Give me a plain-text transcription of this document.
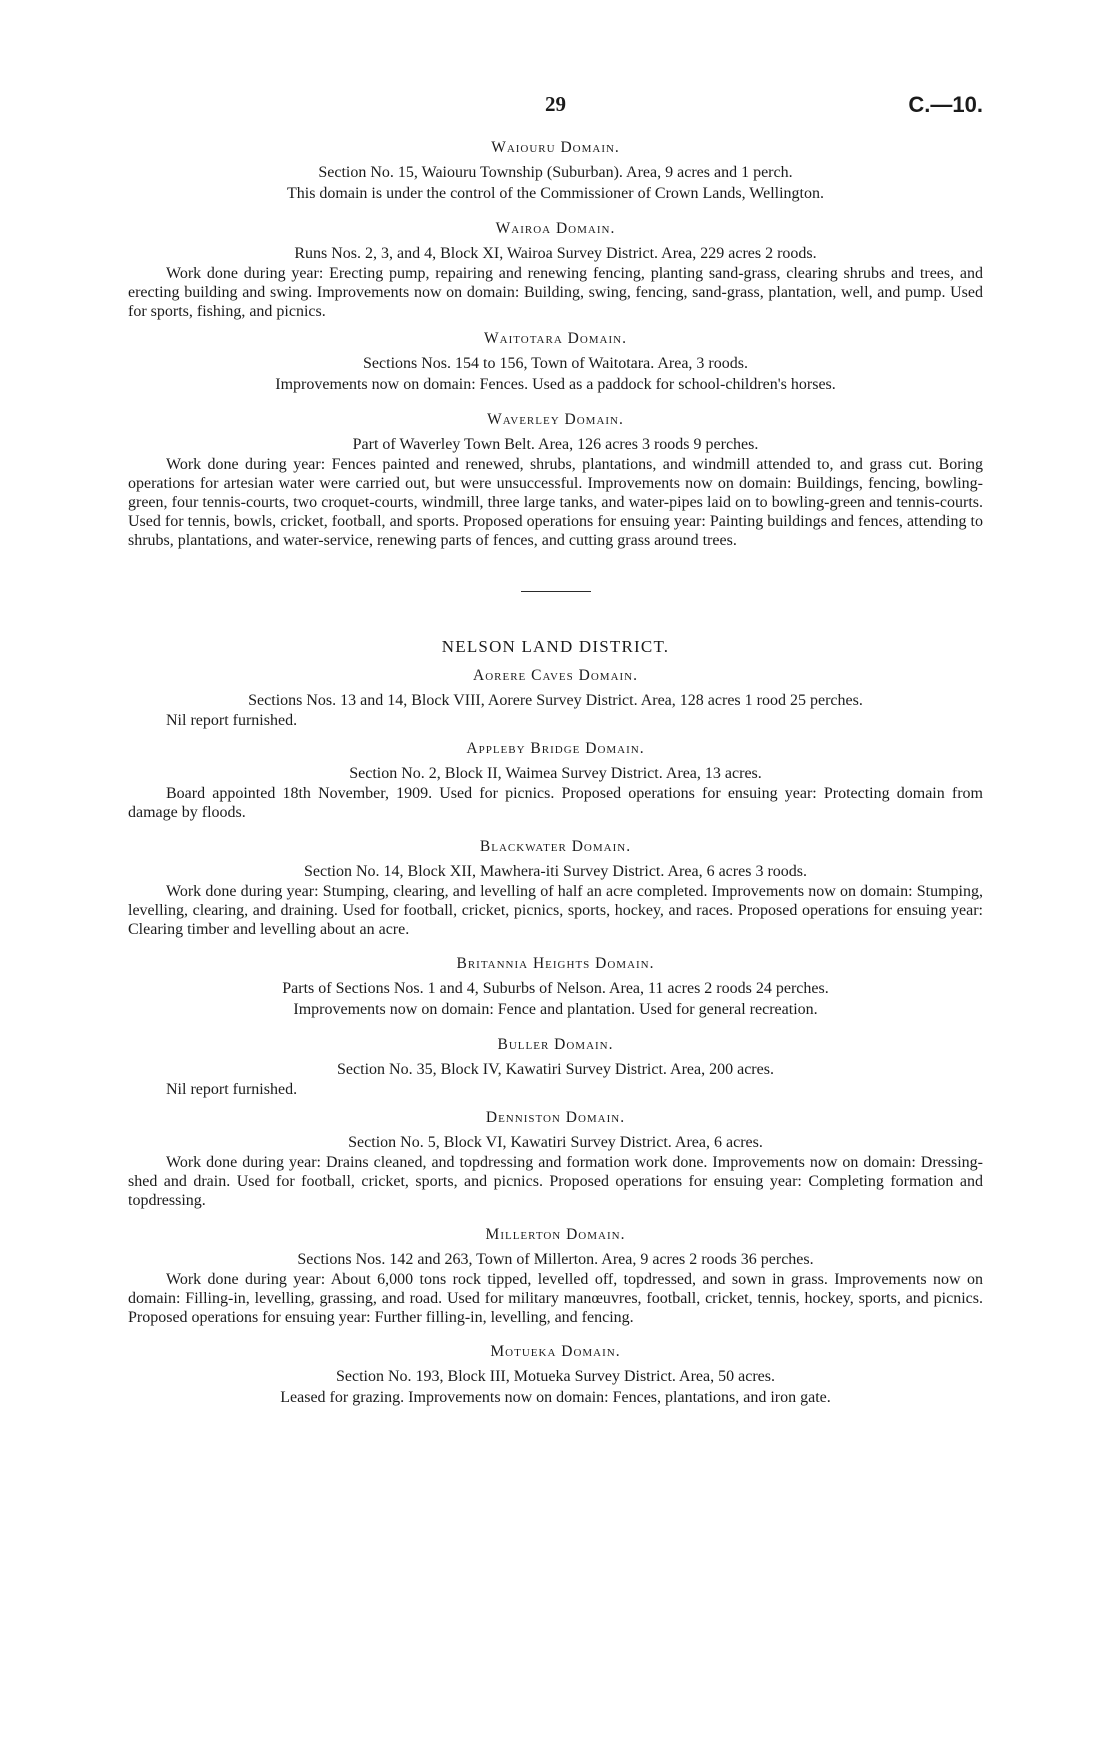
29	C.—10.
Waiouru Domain.

Section No. 15, Waiouru Township (Suburban). Area, 9 acres and 1 perch.

This domain is under the control of the Commissioner of Crown Lands, Wellington.

Wairoa Domain.

Runs Nos. 2, 3, and 4, Block XI, Wairoa Survey District. Area, 229 acres 2 roods.

Work done during year: Erecting pump, repairing and renewing fencing, planting sand-grass, clearing shrubs and trees, and erecting building and swing. Improvements now on domain: Building, swing, fencing, sand-grass, plantation, well, and pump. Used for sports, fishing, and picnics.

Waitotara Domain.

Sections Nos. 154 to 156, Town of Waitotara. Area, 3 roods.

Improvements now on domain: Fences. Used as a paddock for school-children's horses.

Waverley Domain.

Part of Waverley Town Belt. Area, 126 acres 3 roods 9 perches.

Work done during year: Fences painted and renewed, shrubs, plantations, and windmill attended to, and grass cut. Boring operations for artesian water were carried out, but were unsuccessful. Improvements now on domain: Buildings, fencing, bowling-green, four tennis-courts, two croquet-courts, windmill, three large tanks, and water-pipes laid on to bowling-green and tennis-courts. Used for tennis, bowls, cricket, football, and sports. Proposed operations for ensuing year: Painting buildings and fences, attending to shrubs, plantations, and water-service, renewing parts of fences, and cutting grass around trees.

NELSON LAND DISTRICT.
Aorere Caves Domain.

Sections Nos. 13 and 14, Block VIII, Aorere Survey District. Area, 128 acres 1 rood 25 perches.

Nil report furnished.

Appleby Bridge Domain.

Section No. 2, Block II, Waimea Survey District. Area, 13 acres.

Board appointed 18th November, 1909. Used for picnics. Proposed operations for ensuing year: Protecting domain from damage by floods.

Blackwater Domain.

Section No. 14, Block XII, Mawhera-iti Survey District. Area, 6 acres 3 roods.

Work done during year: Stumping, clearing, and levelling of half an acre completed. Improvements now on domain: Stumping, levelling, clearing, and draining. Used for football, cricket, picnics, sports, hockey, and races. Proposed operations for ensuing year: Clearing timber and levelling about an acre.

Britannia Heights Domain.

Parts of Sections Nos. 1 and 4, Suburbs of Nelson. Area, 11 acres 2 roods 24 perches.

Improvements now on domain: Fence and plantation. Used for general recreation.

Buller Domain.

Section No. 35, Block IV, Kawatiri Survey District. Area, 200 acres.

Nil report furnished.

Denniston Domain.

Section No. 5, Block VI, Kawatiri Survey District. Area, 6 acres.

Work done during year: Drains cleaned, and topdressing and formation work done. Improvements now on domain: Dressing-shed and drain. Used for football, cricket, sports, and picnics. Proposed operations for ensuing year: Completing formation and topdressing.

Millerton Domain.

Sections Nos. 142 and 263, Town of Millerton. Area, 9 acres 2 roods 36 perches.

Work done during year: About 6,000 tons rock tipped, levelled off, topdressed, and sown in grass. Improvements now on domain: Filling-in, levelling, grassing, and road. Used for military manœuvres, football, cricket, tennis, hockey, sports, and picnics. Proposed operations for ensuing year: Further filling-in, levelling, and fencing.

Motueka Domain.

Section No. 193, Block III, Motueka Survey District. Area, 50 acres.

Leased for grazing. Improvements now on domain: Fences, plantations, and iron gate.
